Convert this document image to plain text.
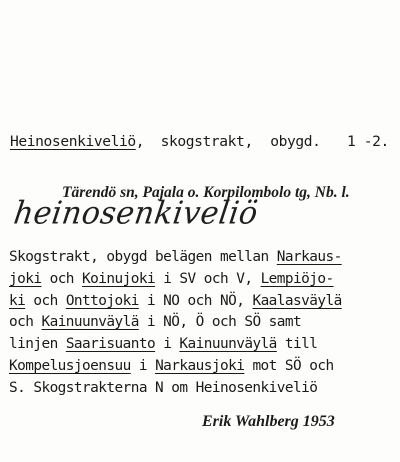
Heinosenkiveliö, skogstrakt, obygd. 1 -2.
Tärendö sn, Pajala o. Korpilombolo tg, Nb. l.
heinosenkiveliö
Skogstrakt, obygd belägen mellan Narkaus-
joki och Koinujoki i SV och V, Lempiöjo-
ki och Onttojoki i NO och NÖ, Kaalasväylä
och Kainuunväylä i NÖ, Ö och SÖ samt
linjen Saarisuanto i Kainuunväylä till
Kompelusjoensuu i Narkausjoki mot SÖ och
S. Skogstrakterna N om Heinosenkiveliö
Erik Wahlberg 1953
